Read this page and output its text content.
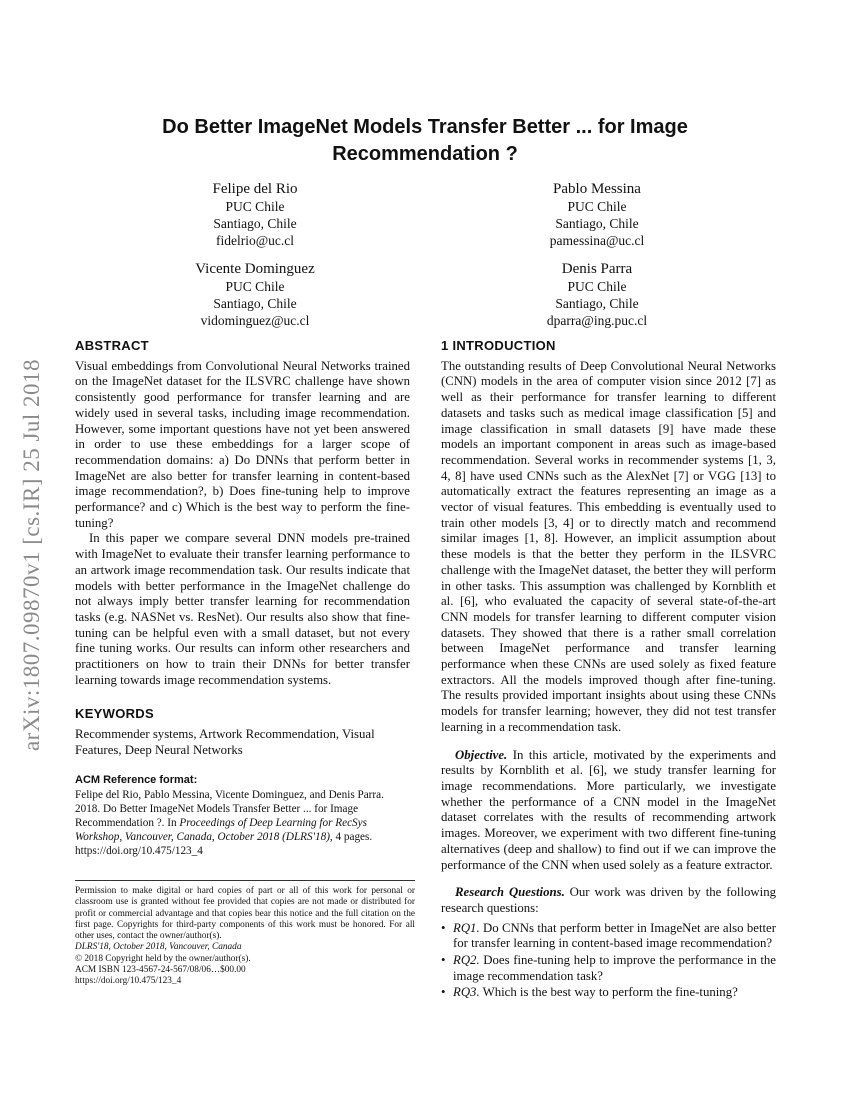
arXiv:1807.09870v1 [cs.IR] 25 Jul 2018
Do Better ImageNet Models Transfer Better ... for Image Recommendation ?
Felipe del Rio
PUC Chile
Santiago, Chile
fidelrio@uc.cl
Pablo Messina
PUC Chile
Santiago, Chile
pamessina@uc.cl
Vicente Dominguez
PUC Chile
Santiago, Chile
vidominguez@uc.cl
Denis Parra
PUC Chile
Santiago, Chile
dparra@ing.puc.cl
ABSTRACT

Visual embeddings from Convolutional Neural Networks trained on the ImageNet dataset for the ILSVRC challenge have shown consistently good performance for transfer learning and are widely used in several tasks, including image recommendation. However, some important questions have not yet been answered in order to use these embeddings for a larger scope of recommendation domains: a) Do DNNs that perform better in ImageNet are also better for transfer learning in content-based image recommendation?, b) Does fine-tuning help to improve performance? and c) Which is the best way to perform the fine-tuning?

In this paper we compare several DNN models pre-trained with ImageNet to evaluate their transfer learning performance to an artwork image recommendation task. Our results indicate that models with better performance in the ImageNet challenge do not always imply better transfer learning for recommendation tasks (e.g. NASNet vs. ResNet). Our results also show that fine-tuning can be helpful even with a small dataset, but not every fine tuning works. Our results can inform other researchers and practitioners on how to train their DNNs for better transfer learning towards image recommendation systems.

KEYWORDS

Recommender systems, Artwork Recommendation, Visual Features, Deep Neural Networks

ACM Reference format:
Felipe del Rio, Pablo Messina, Vicente Dominguez, and Denis Parra. 2018. Do Better ImageNet Models Transfer Better ... for Image Recommendation ?. In Proceedings of Deep Learning for RecSys Workshop, Vancouver, Canada, October 2018 (DLRS'18), 4 pages.
https://doi.org/10.475/123_4

Permission to make digital or hard copies of part or all of this work for personal or classroom use is granted without fee provided that copies are not made or distributed for profit or commercial advantage and that copies bear this notice and the full citation on the first page. Copyrights for third-party components of this work must be honored. For all other uses, contact the owner/author(s).

DLRS'18, October 2018, Vancouver, Canada

© 2018 Copyright held by the owner/author(s).

ACM ISBN 123-4567-24-567/08/06…$00.00

https://doi.org/10.475/123_4

1 INTRODUCTION

The outstanding results of Deep Convolutional Neural Networks (CNN) models in the area of computer vision since 2012 [7] as well as their performance for transfer learning to different datasets and tasks such as medical image classification [5] and image classification in small datasets [9] have made these models an important component in areas such as image-based recommendation. Several works in recommender systems [1, 3, 4, 8] have used CNNs such as the AlexNet [7] or VGG [13] to automatically extract the features representing an image as a vector of visual features. This embedding is eventually used to train other models [3, 4] or to directly match and recommend similar images [1, 8]. However, an implicit assumption about these models is that the better they perform in the ILSVRC challenge with the ImageNet dataset, the better they will perform in other tasks. This assumption was challenged by Kornblith et al. [6], who evaluated the capacity of several state-of-the-art CNN models for transfer learning to different computer vision datasets. They showed that there is a rather small correlation between ImageNet performance and transfer learning performance when these CNNs are used solely as fixed feature extractors. All the models improved though after fine-tuning. The results provided important insights about using these CNNs models for transfer learning; however, they did not test transfer learning in a recommendation task.

Objective. In this article, motivated by the experiments and results by Kornblith et al. [6], we study transfer learning for image recommendations. More particularly, we investigate whether the performance of a CNN model in the ImageNet dataset correlates with the results of recommending artwork images. Moreover, we experiment with two different fine-tuning alternatives (deep and shallow) to find out if we can improve the performance of the CNN when used solely as a feature extractor.

Research Questions. Our work was driven by the following research questions:

• RQ1. Do CNNs that perform better in ImageNet are also better for transfer learning in content-based image recommendation?
• RQ2. Does fine-tuning help to improve the performance in the image recommendation task?
• RQ3. Which is the best way to perform the fine-tuning?
